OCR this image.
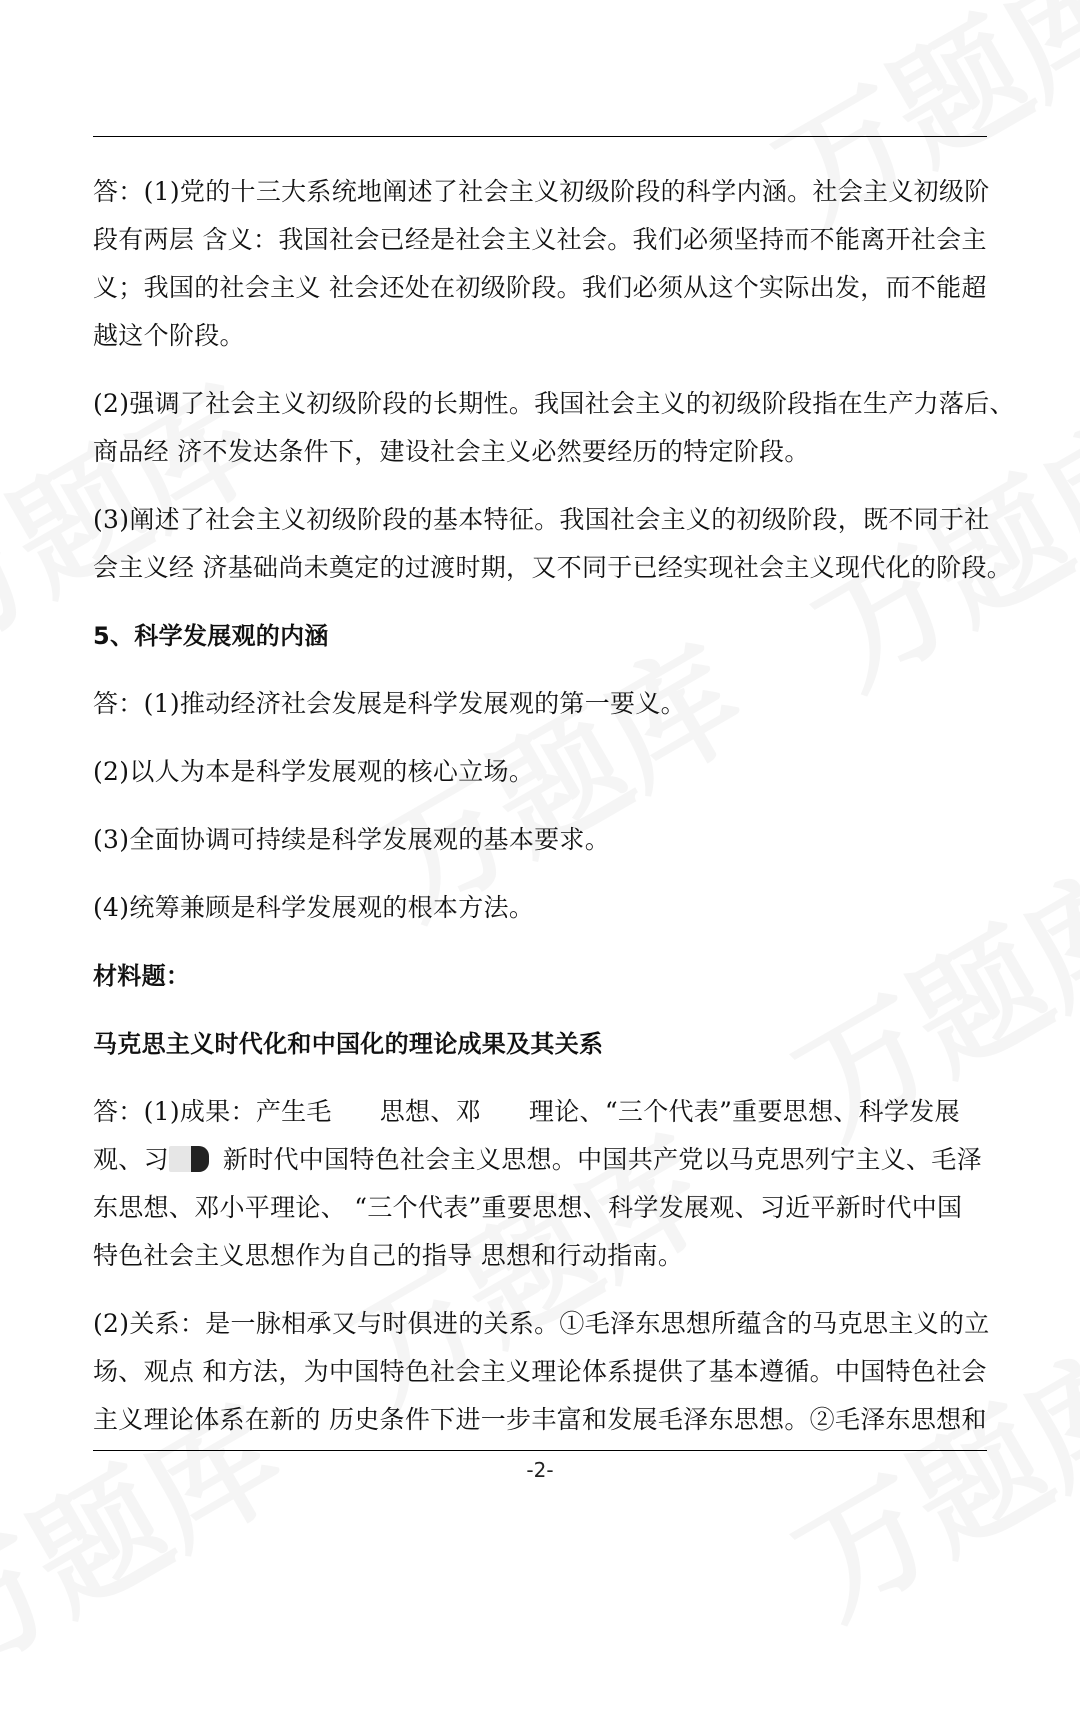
答：(1)党的十三大系统地阐述了社会主义初级阶段的科学内涵。社会主义初级阶

段有两层 含义：我国社会已经是社会主义社会。我们必须坚持而不能离开社会主

义；我国的社会主义 社会还处在初级阶段。我们必须从这个实际出发，而不能超

越这个阶段。

(2)强调了社会主义初级阶段的长期性。我国社会主义的初级阶段指在生产力落后、

商品经 济不发达条件下，建设社会主义必然要经历的特定阶段。

(3)阐述了社会主义初级阶段的基本特征。我国社会主义的初级阶段，既不同于社

会主义经 济基础尚未奠定的过渡时期，又不同于已经实现社会主义现代化的阶段。

5、科学发展观的内涵

答：(1)推动经济社会发展是科学发展观的第一要义。

(2)以人为本是科学发展观的核心立场。

(3)全面协调可持续是科学发展观的基本要求。

(4)统筹兼顾是科学发展观的根本方法。

材料题：

马克思主义时代化和中国化的理论成果及其关系

答：(1)成果：产生毛 思想、邓 理论、“三个代表”重要思想、科学发展

观、习 新时代中国特色社会主义思想。中国共产党以马克思列宁主义、毛泽

东思想、邓小平理论、 “三个代表”重要思想、科学发展观、习近平新时代中国

特色社会主义思想作为自己的指导 思想和行动指南。

(2)关系：是一脉相承又与时俱进的关系。①毛泽东思想所蕴含的马克思主义的立

场、观点 和方法，为中国特色社会主义理论体系提供了基本遵循。中国特色社会

主义理论体系在新的 历史条件下进一步丰富和发展毛泽东思想。②毛泽东思想和

-2-
